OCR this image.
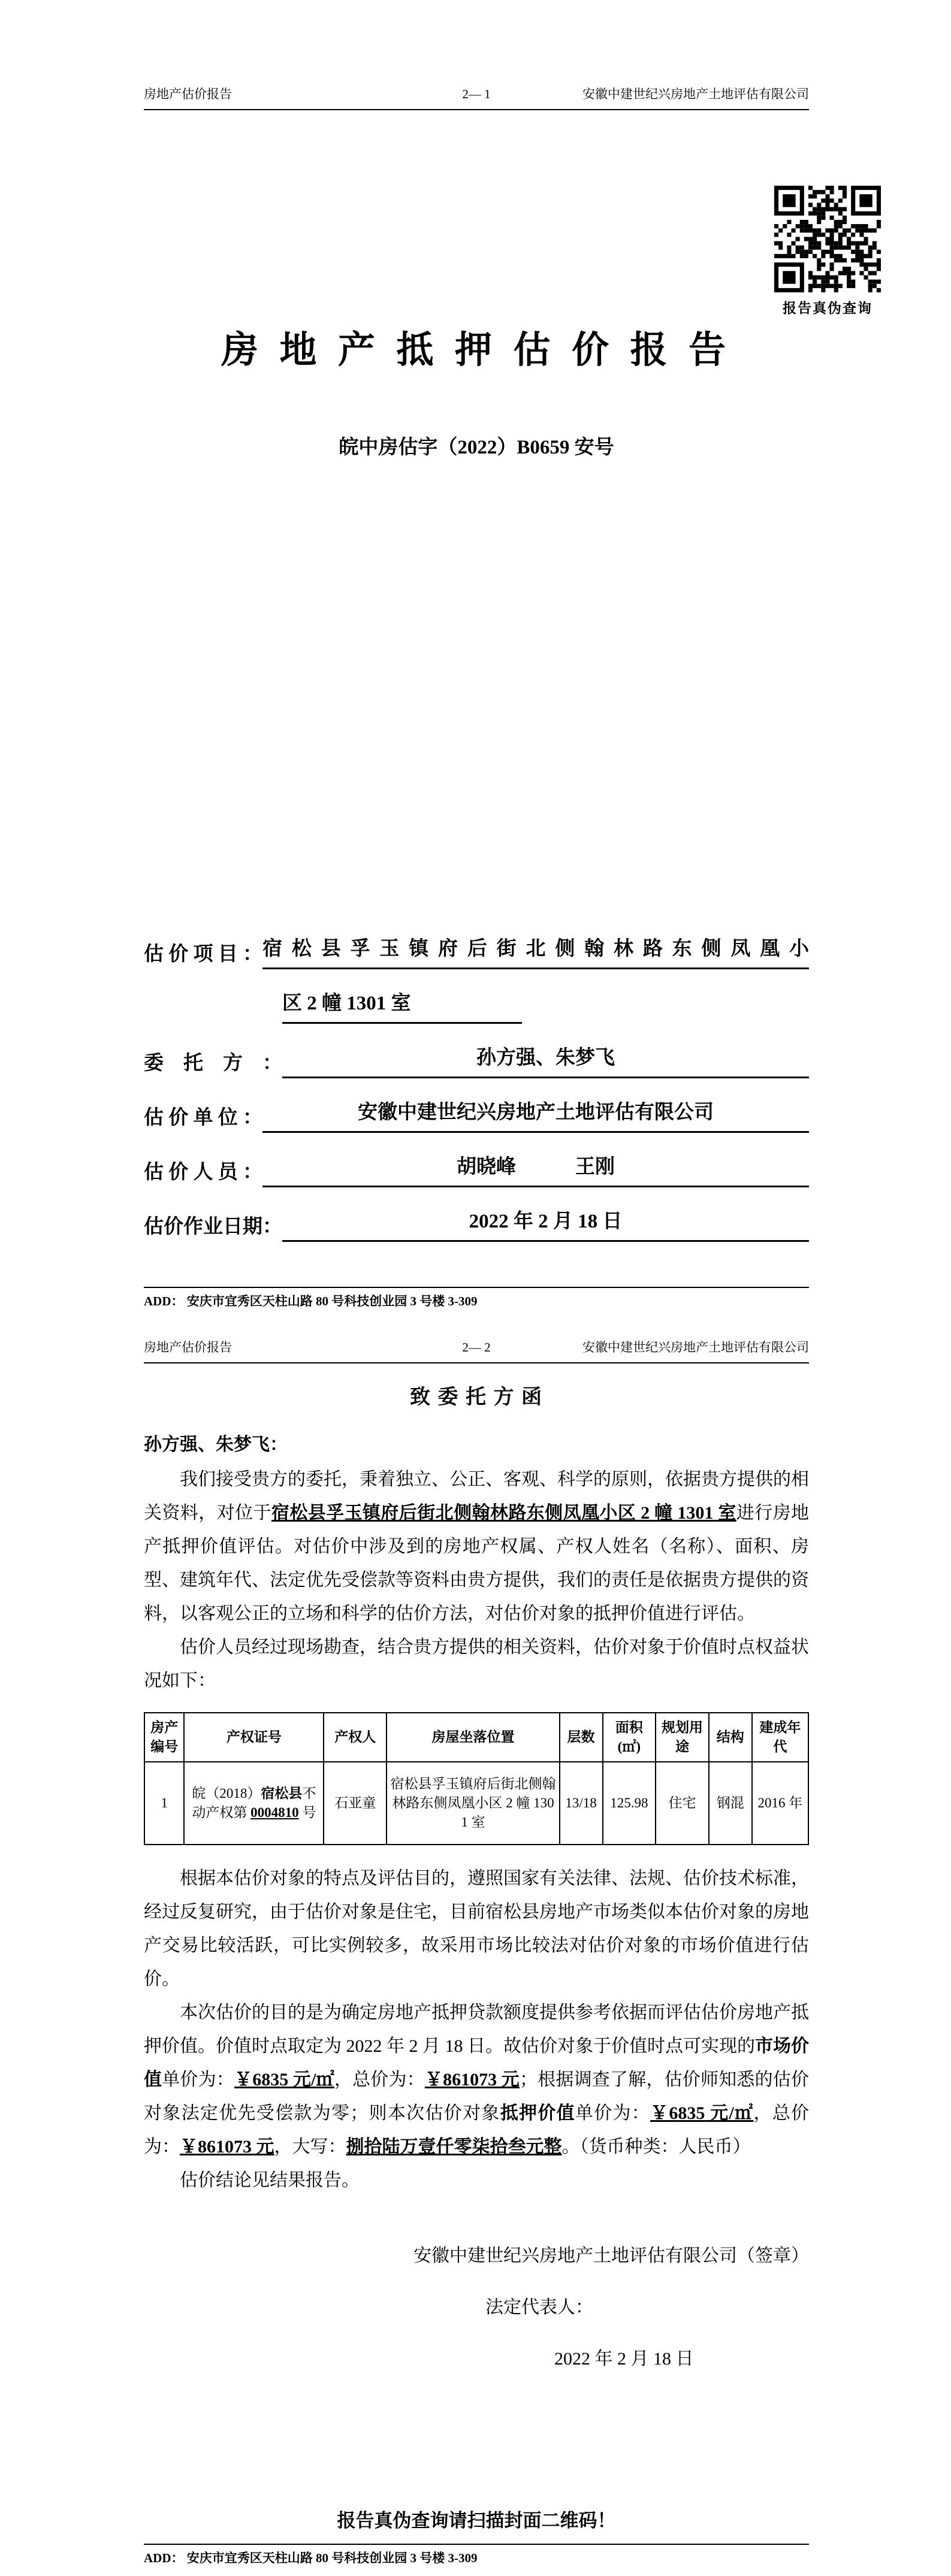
房地产估价报告	2— 1	安徽中建世纪兴房地产土地评估有限公司
报告真伪查询
房 地 产 抵 押 估 价 报 告
皖中房估字（2022）B0659 安号
估 价 项 目 ： 宿松县孚玉镇府后街北侧翰林路东侧凤凰小
区 2 幢 1301 室
委　托　方　：	孙方强、朱梦飞
估 价 单 位 ：	安徽中建世纪兴房地产土地评估有限公司
估 价 人 员 ：	胡晓峰　　　王刚
估价作业日期：	2022 年 2 月 18 日
ADD： 安庆市宜秀区天柱山路 80 号科技创业园 3 号楼 3-309
房地产估价报告	2— 2	安徽中建世纪兴房地产土地评估有限公司
致 委 托 方 函
孙方强、朱梦飞：

我们接受贵方的委托，秉着独立、公正、客观、科学的原则，依据贵方提供的相关资料，对位于宿松县孚玉镇府后街北侧翰林路东侧凤凰小区 2 幢 1301 室进行房地产抵押价值评估。对估价中涉及到的房地产权属、产权人姓名（名称）、面积、房型、建筑年代、法定优先受偿款等资料由贵方提供，我们的责任是依据贵方提供的资料，以客观公正的立场和科学的估价方法，对估价对象的抵押价值进行评估。

估价人员经过现场勘查，结合贵方提供的相关资料，估价对象于价值时点权益状况如下：

房产编号	产权证号	产权人	房屋坐落位置	层数	面积(㎡)	规划用途	结构	建成年代
1	皖（2018）宿松县不动产权第 0004810 号	石亚童	宿松县孚玉镇府后街北侧翰林路东侧凤凰小区 2 幢 1301 室	13/18	125.98	住宅	钢混	2016 年

根据本估价对象的特点及评估目的，遵照国家有关法律、法规、估价技术标准，经过反复研究，由于估价对象是住宅，目前宿松县房地产市场类似本估价对象的房地产交易比较活跃，可比实例较多，故采用市场比较法对估价对象的市场价值进行估价。

本次估价的目的是为确定房地产抵押贷款额度提供参考依据而评估估价房地产抵押价值。价值时点取定为 2022 年 2 月 18 日。故估价对象于价值时点可实现的市场价值单价为：￥6835 元/㎡，总价为：￥861073 元；根据调查了解，估价师知悉的估价对象法定优先受偿款为零；则本次估价对象抵押价值单价为：￥6835 元/㎡，总价为：￥861073 元，大写：捌拾陆万壹仟零柒拾叁元整。（货币种类：人民币）

估价结论见结果报告。

安徽中建世纪兴房地产土地评估有限公司（签章）
法定代表人：
2022 年 2 月 18 日
报告真伪查询请扫描封面二维码！
ADD： 安庆市宜秀区天柱山路 80 号科技创业园 3 号楼 3-309
